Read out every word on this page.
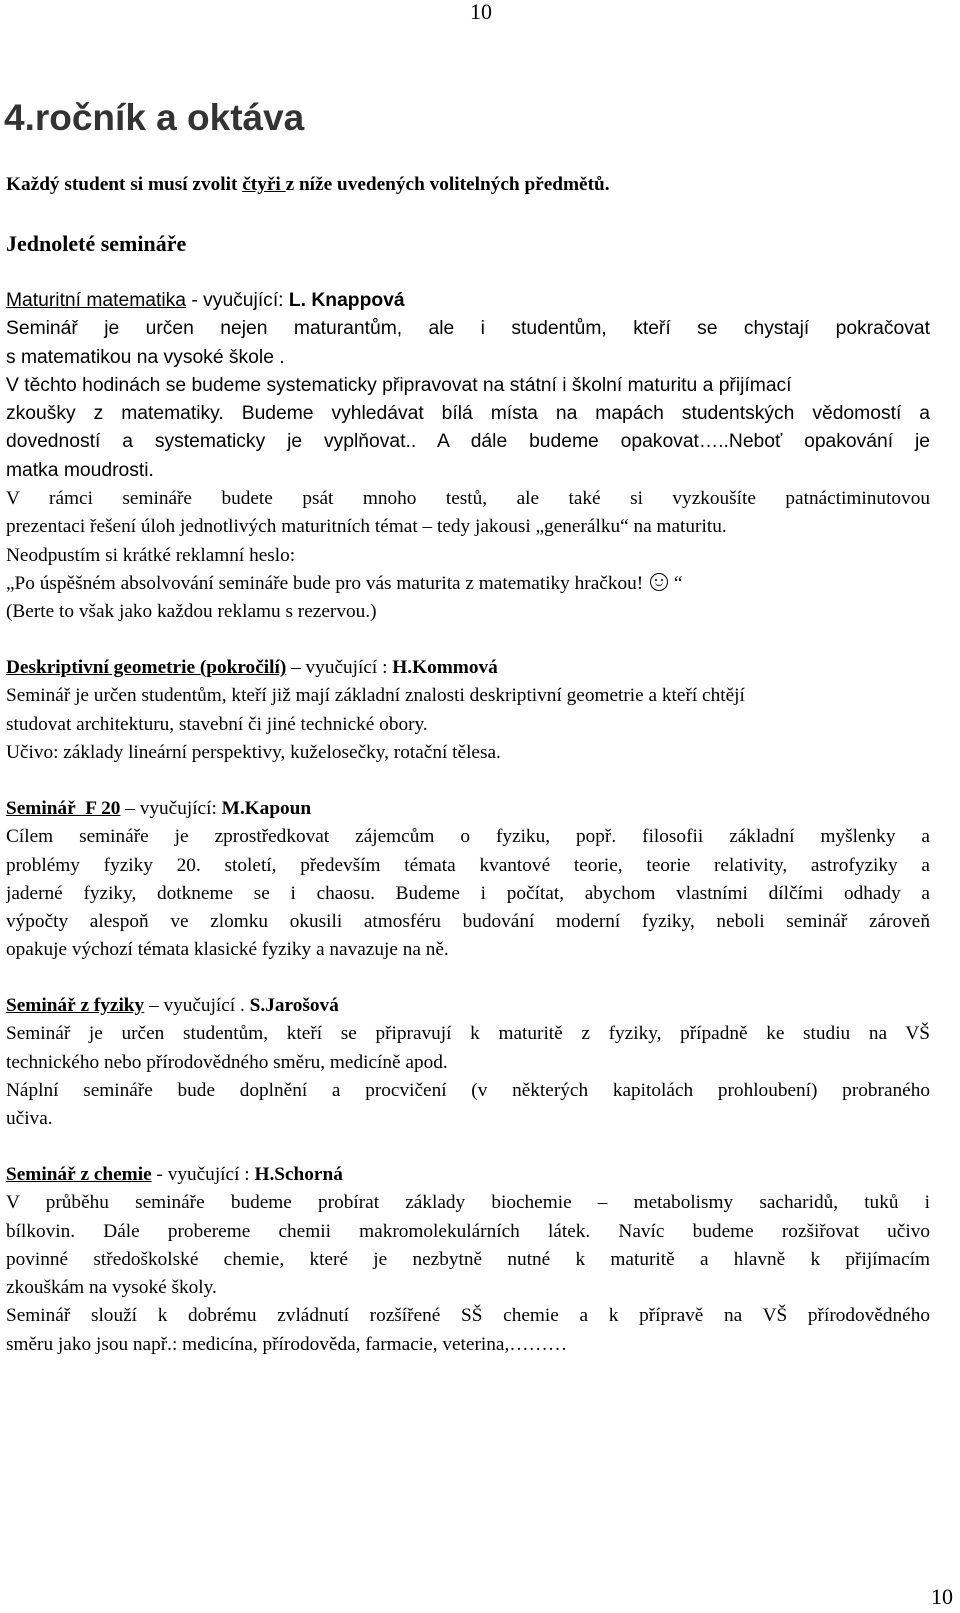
10
4.ročník a oktáva
Každý student si musí zvolit čtyři z níže uvedených volitelných předmětů.
Jednoleté semináře
Maturitní matematika - vyučující: L. Knappová
Seminář je určen nejen maturantům, ale i studentům, kteří se chystají pokračovat
s matematikou na vysoké škole .
V těchto hodinách se budeme systematicky připravovat na státní i školní maturitu a přijímací
zkoušky z matematiky. Budeme vyhledávat bílá místa na mapách studentských vědomostí a
dovedností a systematicky je vyplňovat.. A dále budeme opakovat…..Neboť opakování je
matka moudrosti.
V rámci semináře budete psát mnoho testů, ale také si vyzkoušíte patnáctiminutovou
prezentaci řešení úloh jednotlivých maturitních témat – tedy jakousi „generálku“ na maturitu.
Neodpustím si krátké reklamní heslo:
„Po úspěšném absolvování semináře bude pro vás maturita z matematiky hračkou! “
(Berte to však jako každou reklamu s rezervou.)
Deskriptivní geometrie (pokročilí) – vyučující : H.Kommová
Seminář je určen studentům, kteří již mají základní znalosti deskriptivní geometrie a kteří chtějí
studovat architekturu, stavební či jiné technické obory.
Učivo: základy lineární perspektivy, kuželosečky, rotační tělesa.
Seminář  F 20 – vyučující: M.Kapoun
Cílem semináře je zprostředkovat zájemcům o fyziku, popř. filosofii základní myšlenky a
problémy fyziky 20. století, především témata kvantové teorie, teorie relativity, astrofyziky a
jaderné fyziky, dotkneme se i chaosu. Budeme i počítat, abychom vlastními dílčími odhady a
výpočty alespoň ve zlomku okusili atmosféru budování moderní fyziky, neboli seminář zároveň
opakuje výchozí témata klasické fyziky a navazuje na ně.
Seminář z fyziky – vyučující . S.Jarošová
Seminář je určen studentům, kteří se připravují k maturitě z fyziky, případně ke studiu na VŠ
technického nebo přírodovědného směru, medicíně apod.
Náplní semináře bude doplnění a procvičení (v některých kapitolách prohloubení) probraného
učiva.
Seminář z chemie - vyučující : H.Schorná
V průběhu semináře budeme probírat základy biochemie – metabolismy sacharidů, tuků i
bílkovin. Dále probereme chemii makromolekulárních látek. Navíc budeme rozšiřovat učivo
povinné středoškolské chemie, které je nezbytně nutné k maturitě a hlavně k přijímacím
zkouškám na vysoké školy.
Seminář slouží k dobrému zvládnutí rozšířené SŠ chemie a k přípravě na VŠ přírodovědného
směru jako jsou např.: medicína, přírodověda, farmacie, veterina,………
10
